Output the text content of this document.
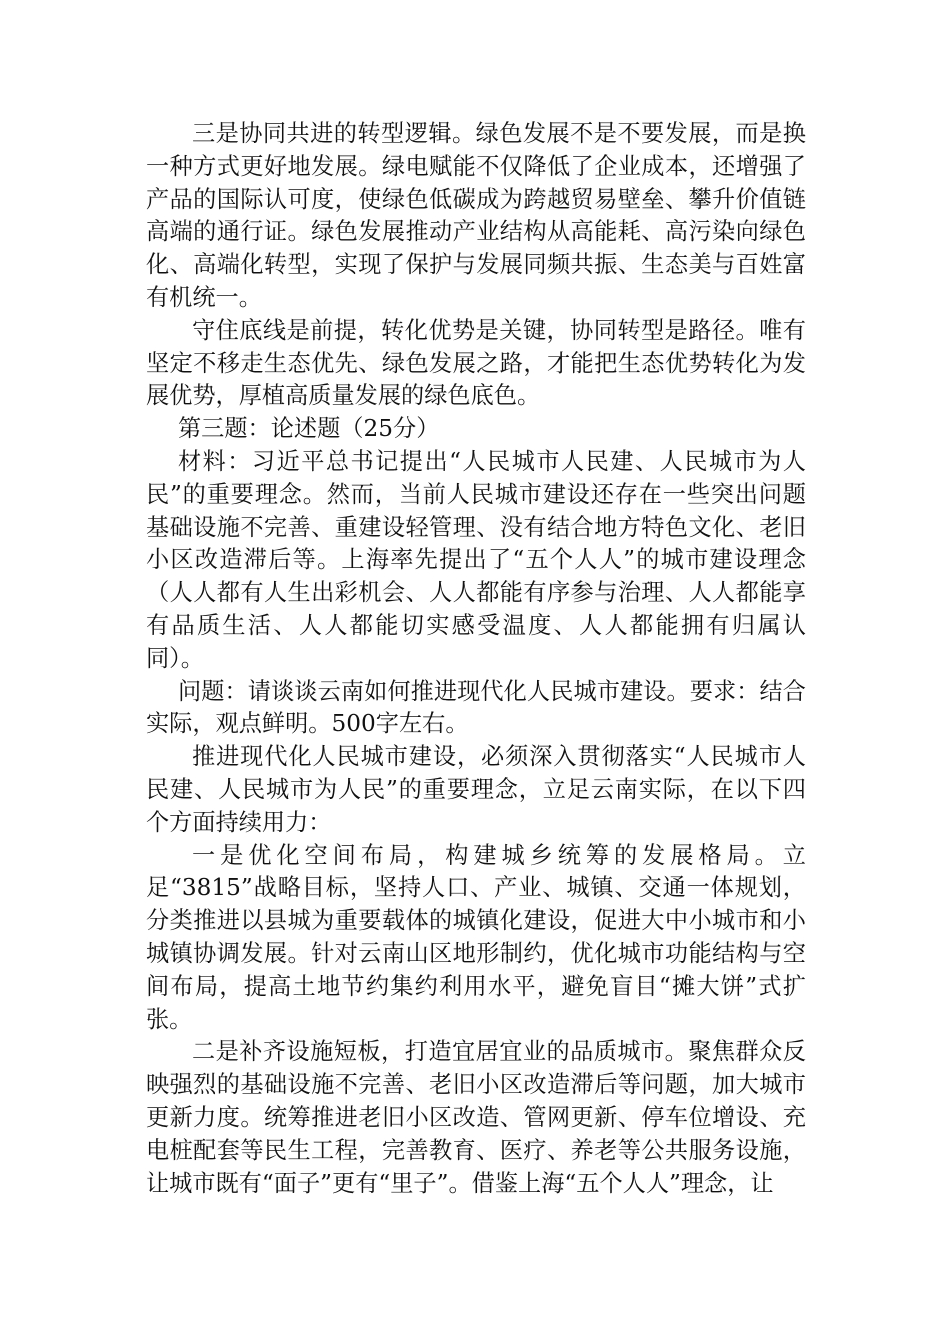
三是协同共进的转型逻辑。绿色发展不是不要发展，而是换一种方式更好地发展。绿电赋能不仅降低了企业成本，还增强了产品的国际认可度，使绿色低碳成为跨越贸易壁垒、攀升价值链高端的通行证。绿色发展推动产业结构从高能耗、高污染向绿色化、高端化转型，实现了保护与发展同频共振、生态美与百姓富有机统一。

守住底线是前提，转化优势是关键，协同转型是路径。唯有坚定不移走生态优先、绿色发展之路，才能把生态优势转化为发展优势，厚植高质量发展的绿色底色。

第三题：论述题（25分）

材料：习近平总书记提出“人民城市人民建、人民城市为人民”的重要理念。然而，当前人民城市建设还存在一些突出问题基础设施不完善、重建设轻管理、没有结合地方特色文化、老旧小区改造滞后等。上海率先提出了“五个人人”的城市建设理念（人人都有人生出彩机会、人人都能有序参与治理、人人都能享有品质生活、人人都能切实感受温度、人人都能拥有归属认同）。

问题：请谈谈云南如何推进现代化人民城市建设。要求：结合实际，观点鲜明。500字左右。

推进现代化人民城市建设，必须深入贯彻落实“人民城市人民建、人民城市为人民”的重要理念，立足云南实际，在以下四个方面持续用力：

一是优化空间布局，构建城乡统筹的发展格局。立足“3815”战略目标，坚持人口、产业、城镇、交通一体规划，分类推进以县城为重要载体的城镇化建设，促进大中小城市和小城镇协调发展。针对云南山区地形制约，优化城市功能结构与空间布局，提高土地节约集约利用水平，避免盲目“摊大饼”式扩张。

二是补齐设施短板，打造宜居宜业的品质城市。聚焦群众反映强烈的基础设施不完善、老旧小区改造滞后等问题，加大城市更新力度。统筹推进老旧小区改造、管网更新、停车位增设、充电桩配套等民生工程，完善教育、医疗、养老等公共服务设施，让城市既有“面子”更有“里子”。借鉴上海“五个人人”理念，让
